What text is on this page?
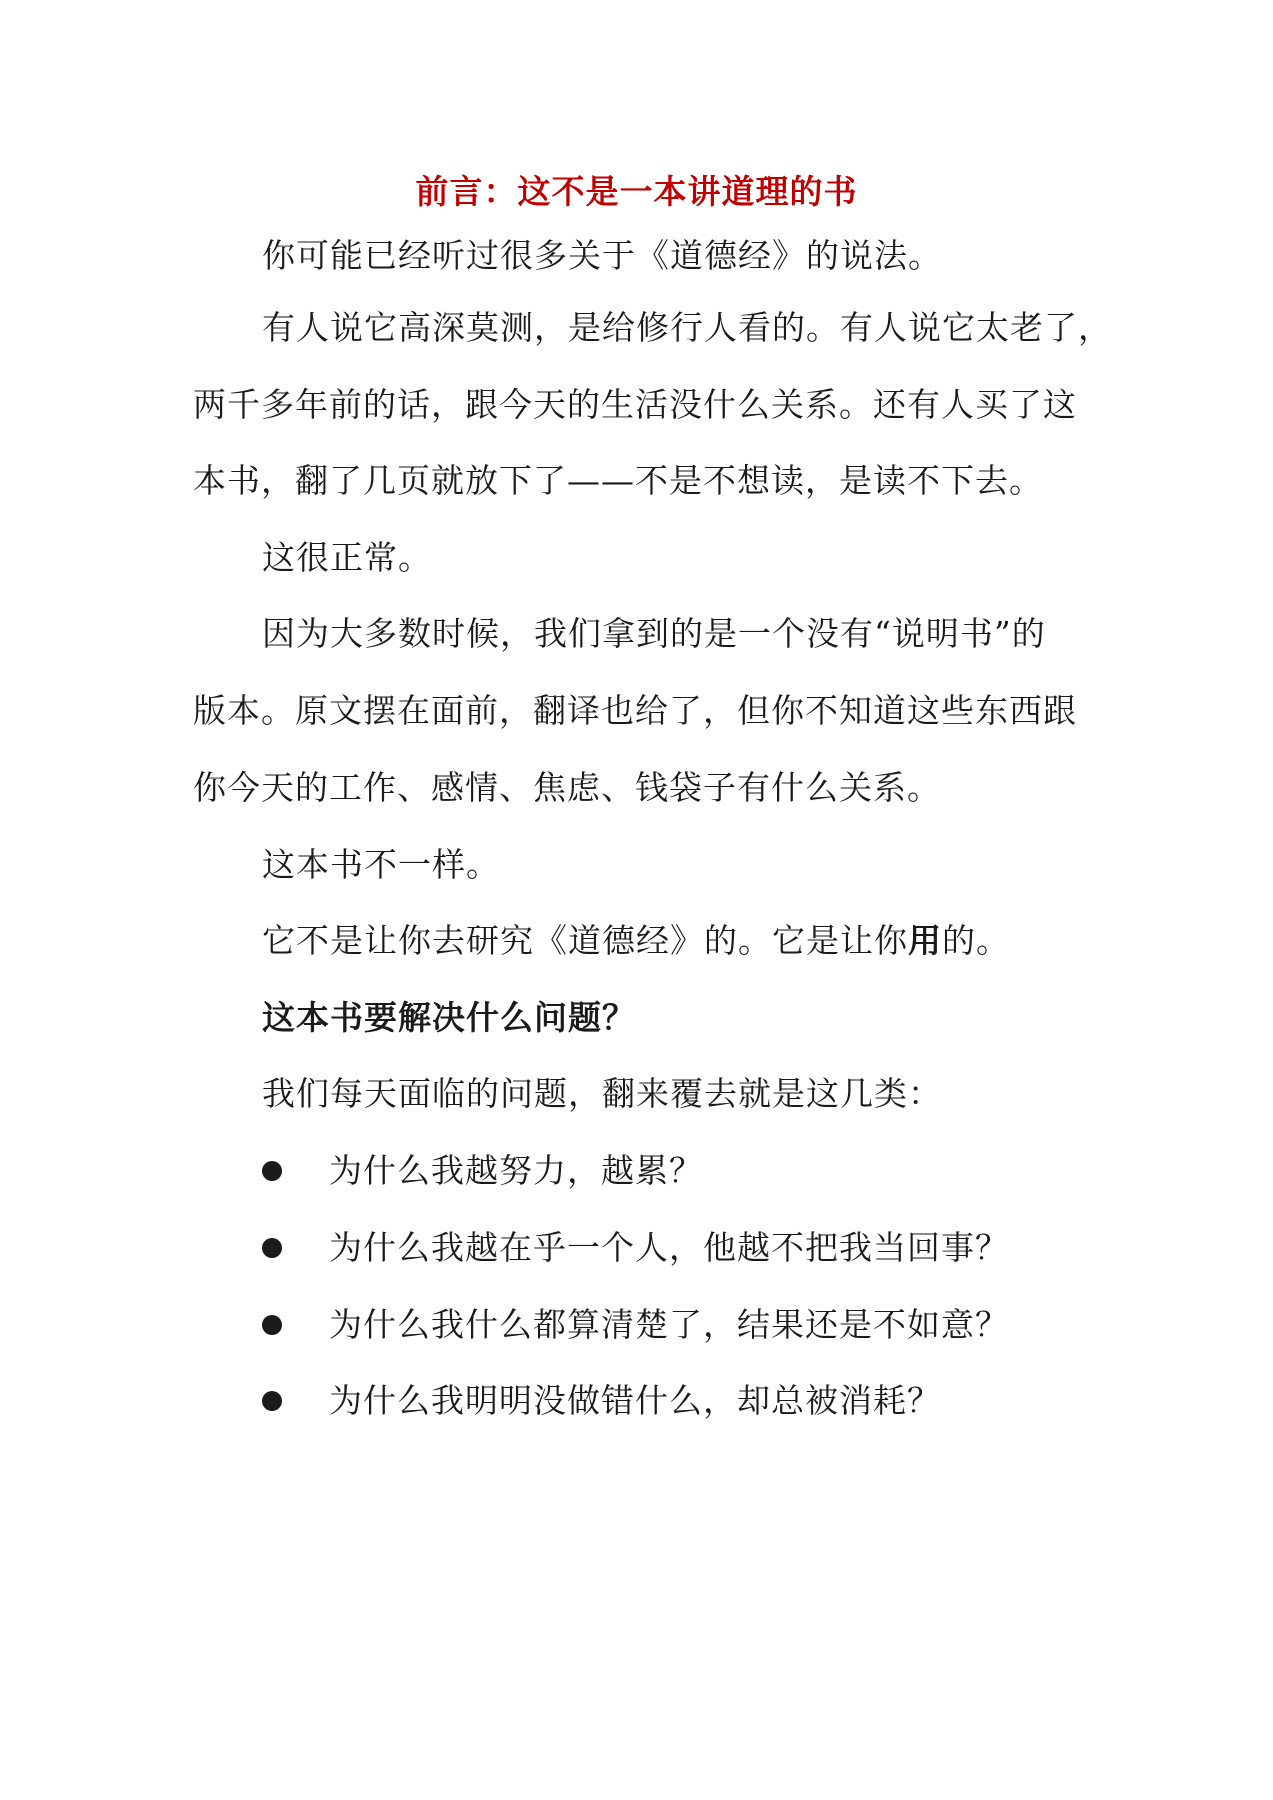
前言：这不是一本讲道理的书
你可能已经听过很多关于《道德经》的说法。
有人说它高深莫测，是给修行人看的。有人说它太老了，
两千多年前的话，跟今天的生活没什么关系。还有人买了这
本书，翻了几页就放下了——不是不想读，是读不下去。
这很正常。
因为大多数时候，我们拿到的是一个没有“说明书”的
版本。原文摆在面前，翻译也给了，但你不知道这些东西跟
你今天的工作、感情、焦虑、钱袋子有什么关系。
这本书不一样。
它不是让你去研究《道德经》的。它是让你用的。
这本书要解决什么问题？
我们每天面临的问题，翻来覆去就是这几类：
为什么我越努力，越累？
为什么我越在乎一个人，他越不把我当回事？
为什么我什么都算清楚了，结果还是不如意？
为什么我明明没做错什么，却总被消耗？
